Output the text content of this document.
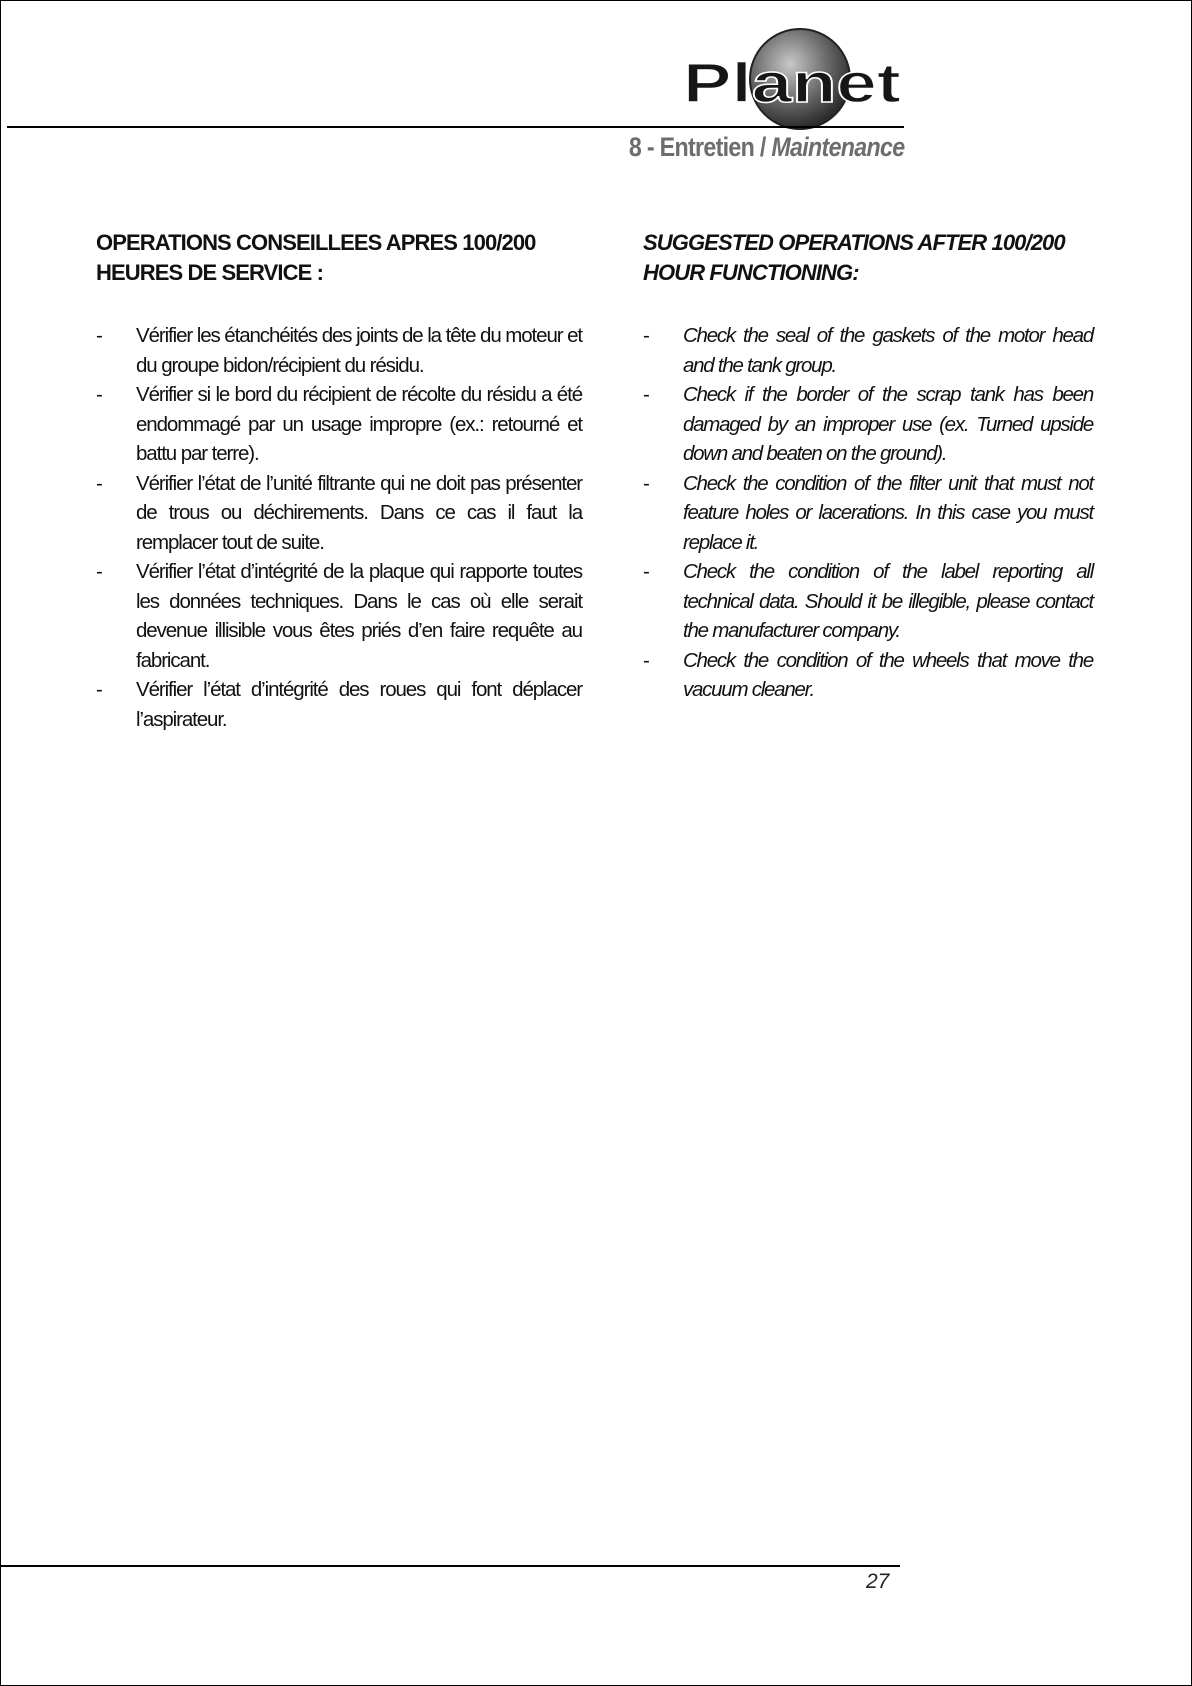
Planet
8 - Entretien / Maintenance
OPERATIONS CONSEILLEES APRES 100/200 HEURES DE SERVICE :
- Vérifier les étanchéités des joints de la tête du moteur et du groupe bidon/récipient du résidu.
- Vérifier si le bord du récipient de récolte du résidu a été endommagé par un usage impropre (ex.: retourné et battu par terre).
- Vérifier l’état de l’unité filtrante qui ne doit pas présenter de trous ou déchirements. Dans ce cas il faut la remplacer tout de suite.
- Vérifier l’état d’intégrité de la plaque qui rapporte toutes les données techniques. Dans le cas où elle serait devenue illisible vous êtes priés d’en faire requête au fabricant.
- Vérifier l’état d’intégrité des roues qui font déplacer l’aspirateur.
SUGGESTED OPERATIONS AFTER 100/200 HOUR FUNCTIONING:
- Check the seal of the gaskets of the motor head and the tank group.
- Check if the border of the scrap tank has been damaged by an improper use (ex. Turned upside down and beaten on the ground).
- Check the condition of the filter unit that must not feature holes or lacerations. In this case you must replace it.
- Check the condition of the label reporting all technical data. Should it be illegible, please contact the manufacturer company.
- Check the condition of the wheels that move the vacuum cleaner.
27
